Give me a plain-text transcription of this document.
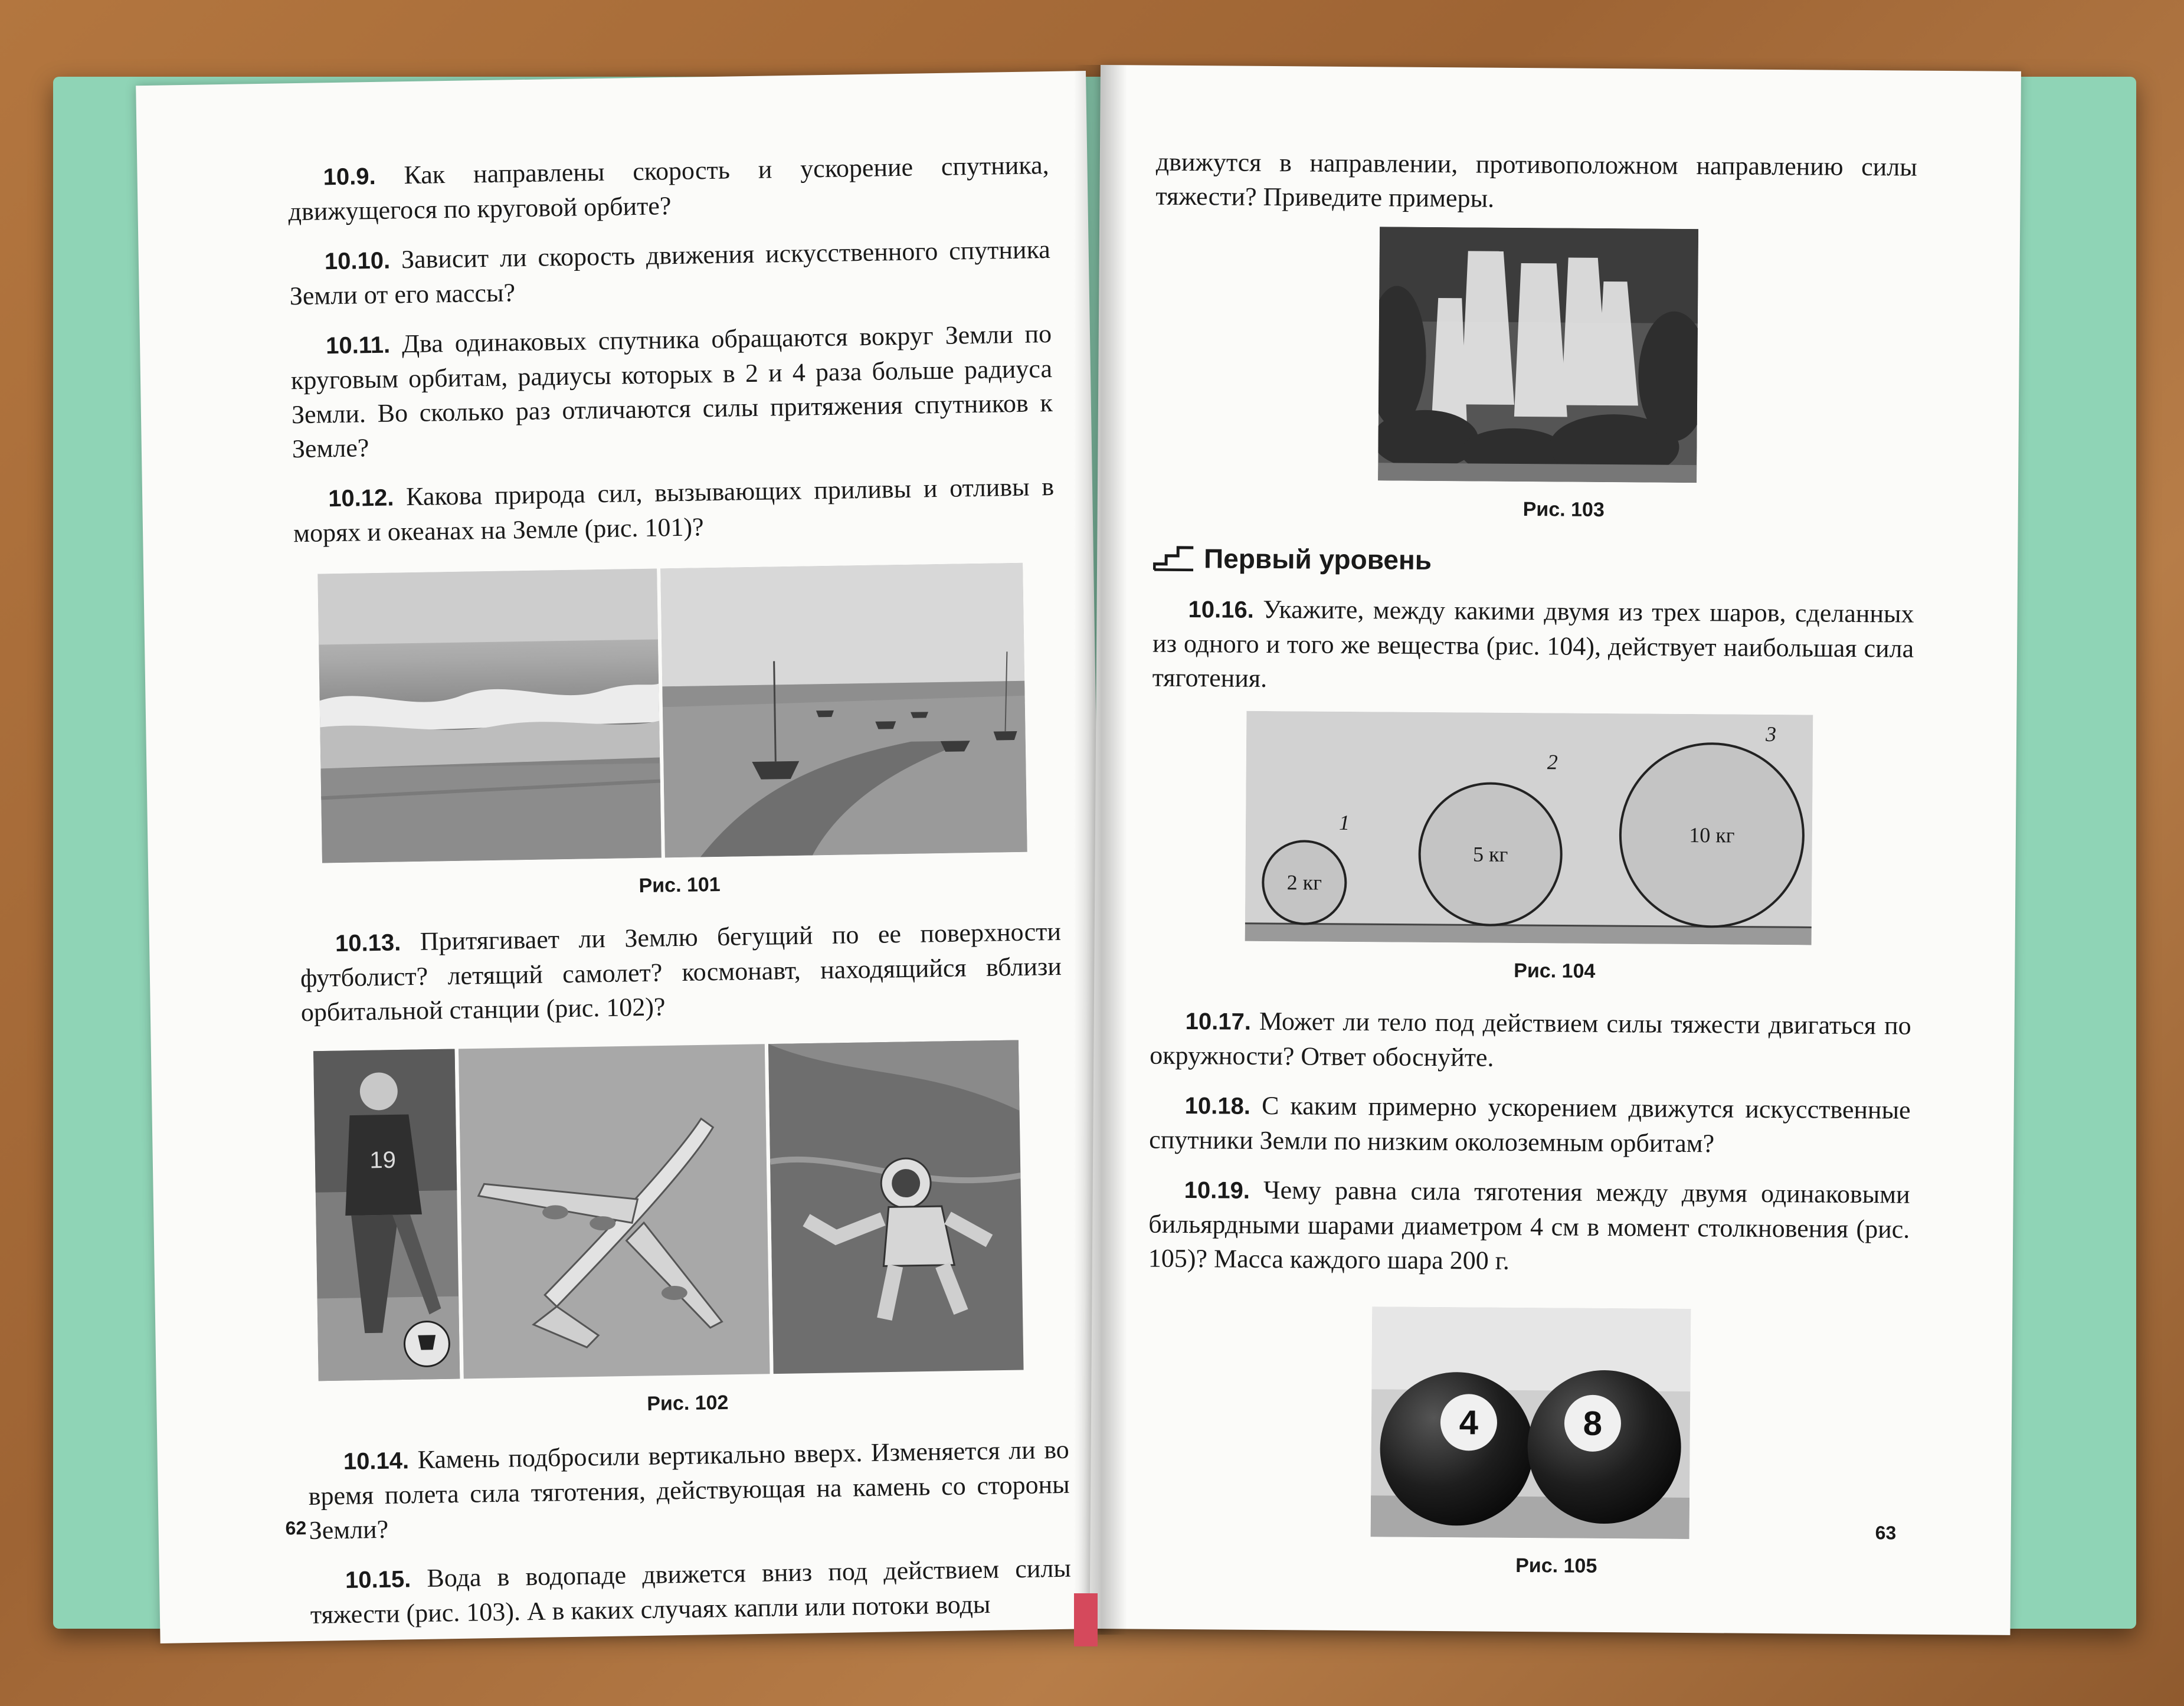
10.9. Как направлены скорость и ускорение спутника, движущегося по круговой орбите?

10.10. Зависит ли скорость движения искусственного спутника Земли от его массы?

10.11. Два одинаковых спутника обращаются вокруг Земли по круговым орбитам, радиусы которых в 2 и 4 раза больше радиуса Земли. Во сколько раз отличаются силы притяжения спутников к Земле?

10.12. Какова природа сил, вызывающих приливы и отливы в морях и океанах на Земле (рис. 101)?

Рис. 101

10.13. Притягивает ли Землю бегущий по ее поверхности футболист? летящий самолет? космонавт, находящийся вблизи орбитальной станции (рис. 102)?

19
Рис. 102

10.14. Камень подбросили вертикально вверх. Изменяется ли во время полета сила тяготения, действующая на камень со стороны Земли?

10.15. Вода в водопаде движется вниз под действием силы тяжести (рис. 103). А в каких случаях капли или потоки воды

62

движутся в направлении, противоположном направлению силы тяжести? Приведите примеры.

Рис. 103
Первый уровень

10.16. Укажите, между какими двумя из трех шаров, сделанных из одного и того же вещества (рис. 104), действует наибольшая сила тяготения.

2 кг
5 кг
10 кг
1
2
3
Рис. 104

10.17. Может ли тело под действием силы тяжести двигаться по окружности? Ответ обоснуйте.

10.18. С каким примерно ускорением движутся искусственные спутники Земли по низким околоземным орбитам?

10.19. Чему равна сила тяготения между двумя одинаковыми бильярдными шарами диаметром 4 см в момент столкновения (рис. 105)? Масса каждого шара 200 г.

4	8
Рис. 105
63
